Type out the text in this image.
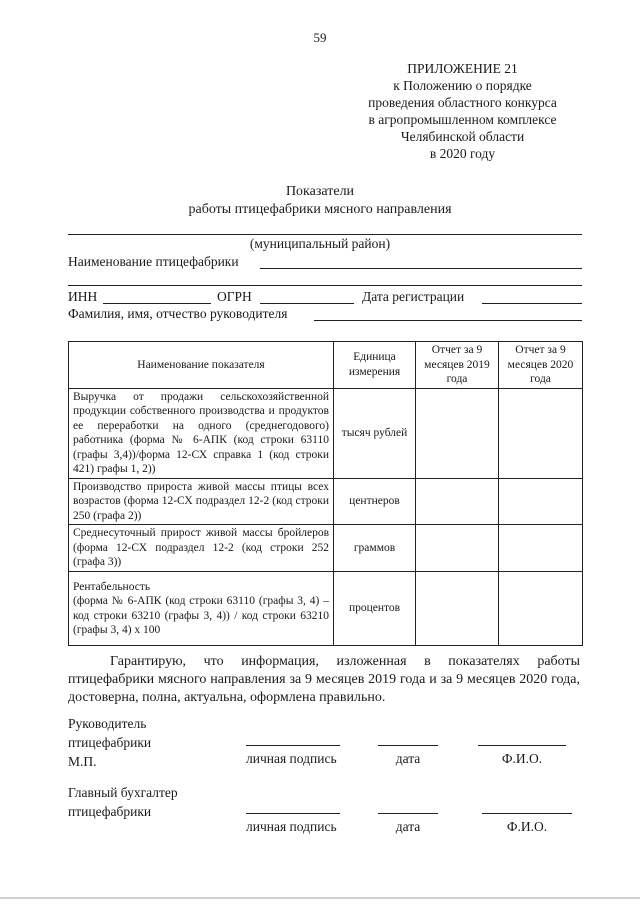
59
ПРИЛОЖЕНИЕ 21
к Положению о порядке
проведения областного конкурса
в агропромышленном комплексе
Челябинской области
в 2020 году
Показатели
работы птицефабрики мясного направления
(муниципальный район)
Наименование птицефабрики
ИНН	ОГРН	Дата регистрации
Фамилия, имя, отчество руководителя
Наименование показателя	Единица измерения	Отчет за 9 месяцев 2019 года	Отчет за 9 месяцев 2020 года
Выручка от продажи сельскохозяйственной продукции собственного производства и продуктов ее переработки на одного (среднегодового) работника (форма № 6-АПК (код строки 63110 (графы 3,4))/форма 12-СХ справка 1 (код строки 421) графы 1, 2))	тысяч рублей		
Производство прироста живой массы птицы всех возрастов (форма 12-СХ подраздел 12-2 (код строки 250 (графа 2))	центнеров		
Среднесуточный прирост живой массы бройлеров (форма 12-СХ подраздел 12-2 (код строки 252 (графа 3))	граммов		

Рентабельность
(форма № 6-АПК (код строки 63110 (графы 3, 4) – код строки 63210 (графы 3, 4)) / код строки 63210 (графы 3, 4) х 100	процентов		
Гарантирую, что информация, изложенная в показателях работы птицефабрики мясного направления за 9 месяцев 2019 года и за 9 месяцев 2020 года, достоверна, полна, актуальна, оформлена правильно.
Руководитель
птицефабрики
М.П.	личная подпись	дата	Ф.И.О.
Главный бухгалтер
птицефабрики
личная подпись	дата	Ф.И.О.
